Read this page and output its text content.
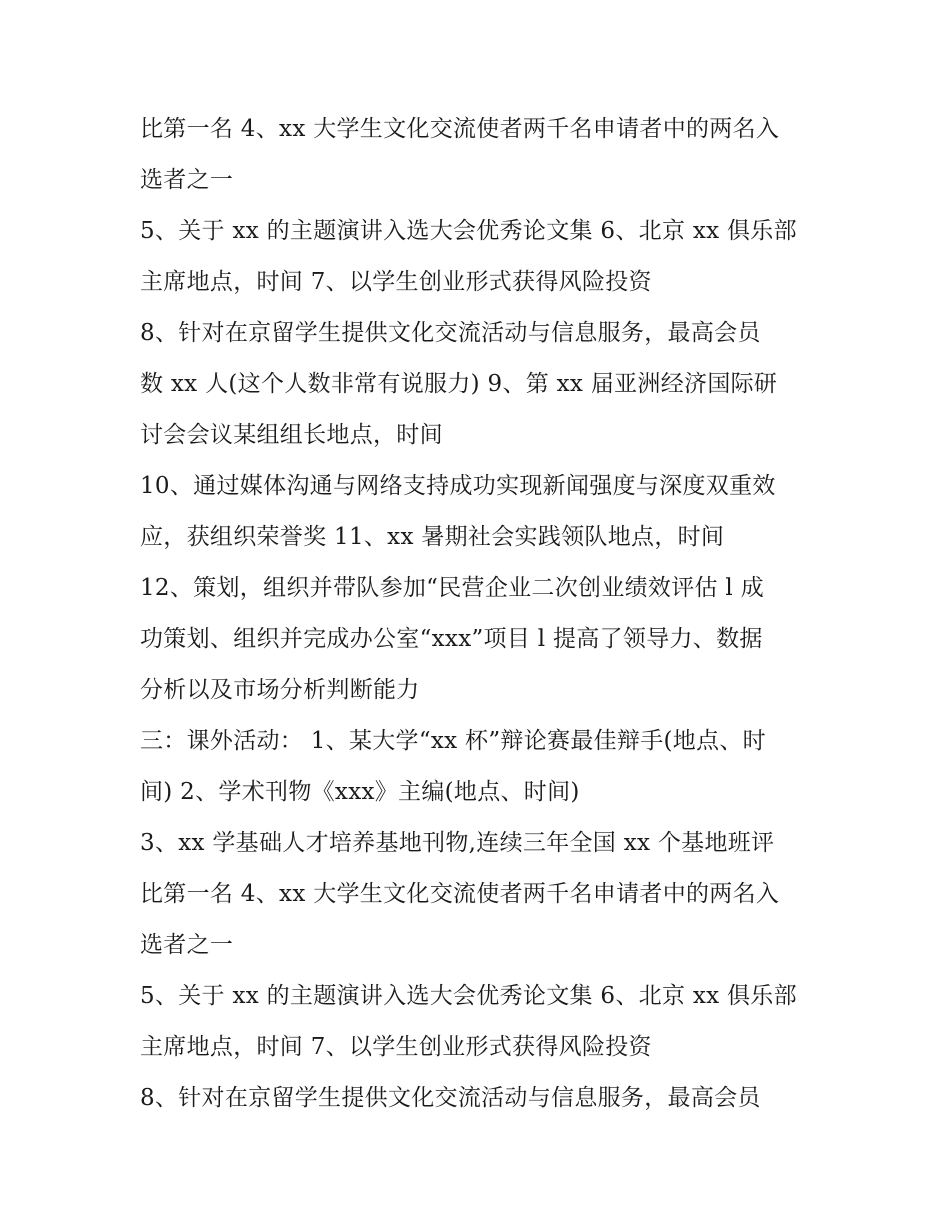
比第一名 4、xx 大学生文化交流使者两千名申请者中的两名入
选者之一
5、关于 xx 的主题演讲入选大会优秀论文集 6、北京 xx 俱乐部
主席地点，时间 7、以学生创业形式获得风险投资
8、针对在京留学生提供文化交流活动与信息服务，最高会员
数 xx 人(这个人数非常有说服力) 9、第 xx 届亚洲经济国际研
讨会会议某组组长地点，时间
10、通过媒体沟通与网络支持成功实现新闻强度与深度双重效
应，获组织荣誉奖 11、xx 暑期社会实践领队地点，时间
12、策划，组织并带队参加“民营企业二次创业绩效评估 l 成
功策划、组织并完成办公室“xxx”项目 l 提高了领导力、数据
分析以及市场分析判断能力
三：课外活动： 1、某大学“xx 杯”辩论赛最佳辩手(地点、时
间) 2、学术刊物《xxx》主编(地点、时间)
3、xx 学基础人才培养基地刊物,连续三年全国 xx 个基地班评
比第一名 4、xx 大学生文化交流使者两千名申请者中的两名入
选者之一
5、关于 xx 的主题演讲入选大会优秀论文集 6、北京 xx 俱乐部
主席地点，时间 7、以学生创业形式获得风险投资
8、针对在京留学生提供文化交流活动与信息服务，最高会员
